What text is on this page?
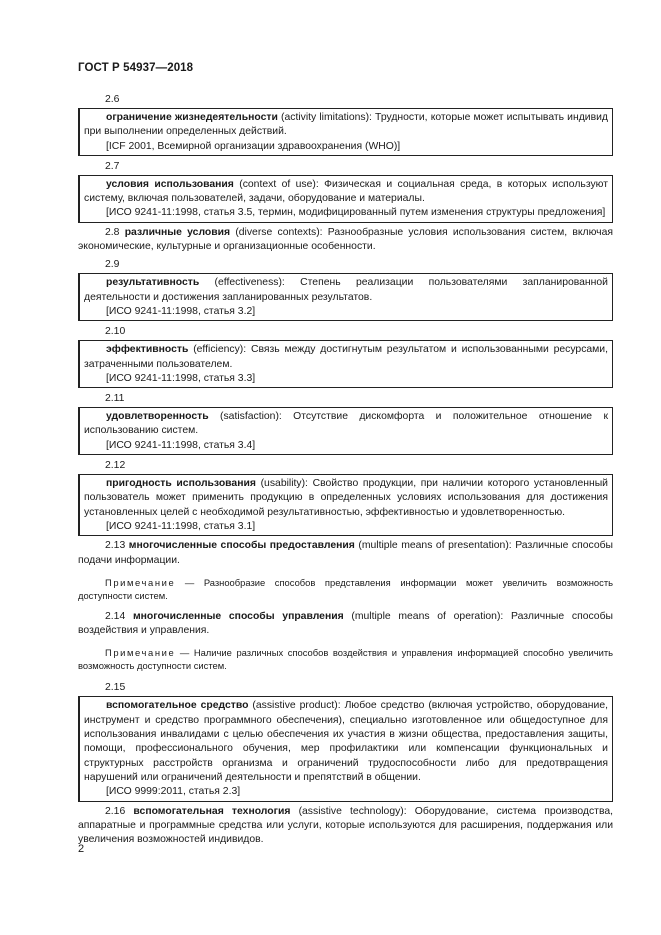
ГОСТ Р 54937—2018
2.6
ограничение жизнедеятельности (activity limitations): Трудности, которые может испытывать индивид при выполнении определенных действий.
[ICF 2001, Всемирной организации здравоохранения (WHO)]
2.7
условия использования (context of use): Физическая и социальная среда, в которых используют систему, включая пользователей, задачи, оборудование и материалы.
[ИСО 9241-11:1998, статья 3.5, термин, модифицированный путем изменения структуры предложения]
2.8 различные условия (diverse contexts): Разнообразные условия использования систем, включая экономические, культурные и организационные особенности.
2.9
результативность (effectiveness): Степень реализации пользователями запланированной деятельности и достижения запланированных результатов.
[ИСО 9241-11:1998, статья 3.2]
2.10
эффективность (efficiency): Связь между достигнутым результатом и использованными ресурсами, затраченными пользователем.
[ИСО 9241-11:1998, статья 3.3]
2.11
удовлетворенность (satisfaction): Отсутствие дискомфорта и положительное отношение к использованию систем.
[ИСО 9241-11:1998, статья 3.4]
2.12
пригодность использования (usability): Свойство продукции, при наличии которого установленный пользователь может применить продукцию в определенных условиях использования для достижения установленных целей с необходимой результативностью, эффективностью и удовлетворенностью.
[ИСО 9241-11:1998, статья 3.1]
2.13 многочисленные способы предоставления (multiple means of presentation): Различные способы подачи информации.
Примечание — Разнообразие способов представления информации может увеличить возможность доступности систем.
2.14 многочисленные способы управления (multiple means of operation): Различные способы воздействия и управления.
Примечание — Наличие различных способов воздействия и управления информацией способно увеличить возможность доступности систем.
2.15
вспомогательное средство (assistive product): Любое средство (включая устройство, оборудование, инструмент и средство программного обеспечения), специально изготовленное или общедоступное для использования инвалидами с целью обеспечения их участия в жизни общества, предоставления защиты, помощи, профессионального обучения, мер профилактики или компенсации функциональных и структурных расстройств организма и ограничений трудоспособности либо для предотвращения нарушений или ограничений деятельности и препятствий в общении.
[ИСО 9999:2011, статья 2.3]
2.16 вспомогательная технология (assistive technology): Оборудование, система производства, аппаратные и программные средства или услуги, которые используются для расширения, поддержания или увеличения возможностей индивидов.
2
